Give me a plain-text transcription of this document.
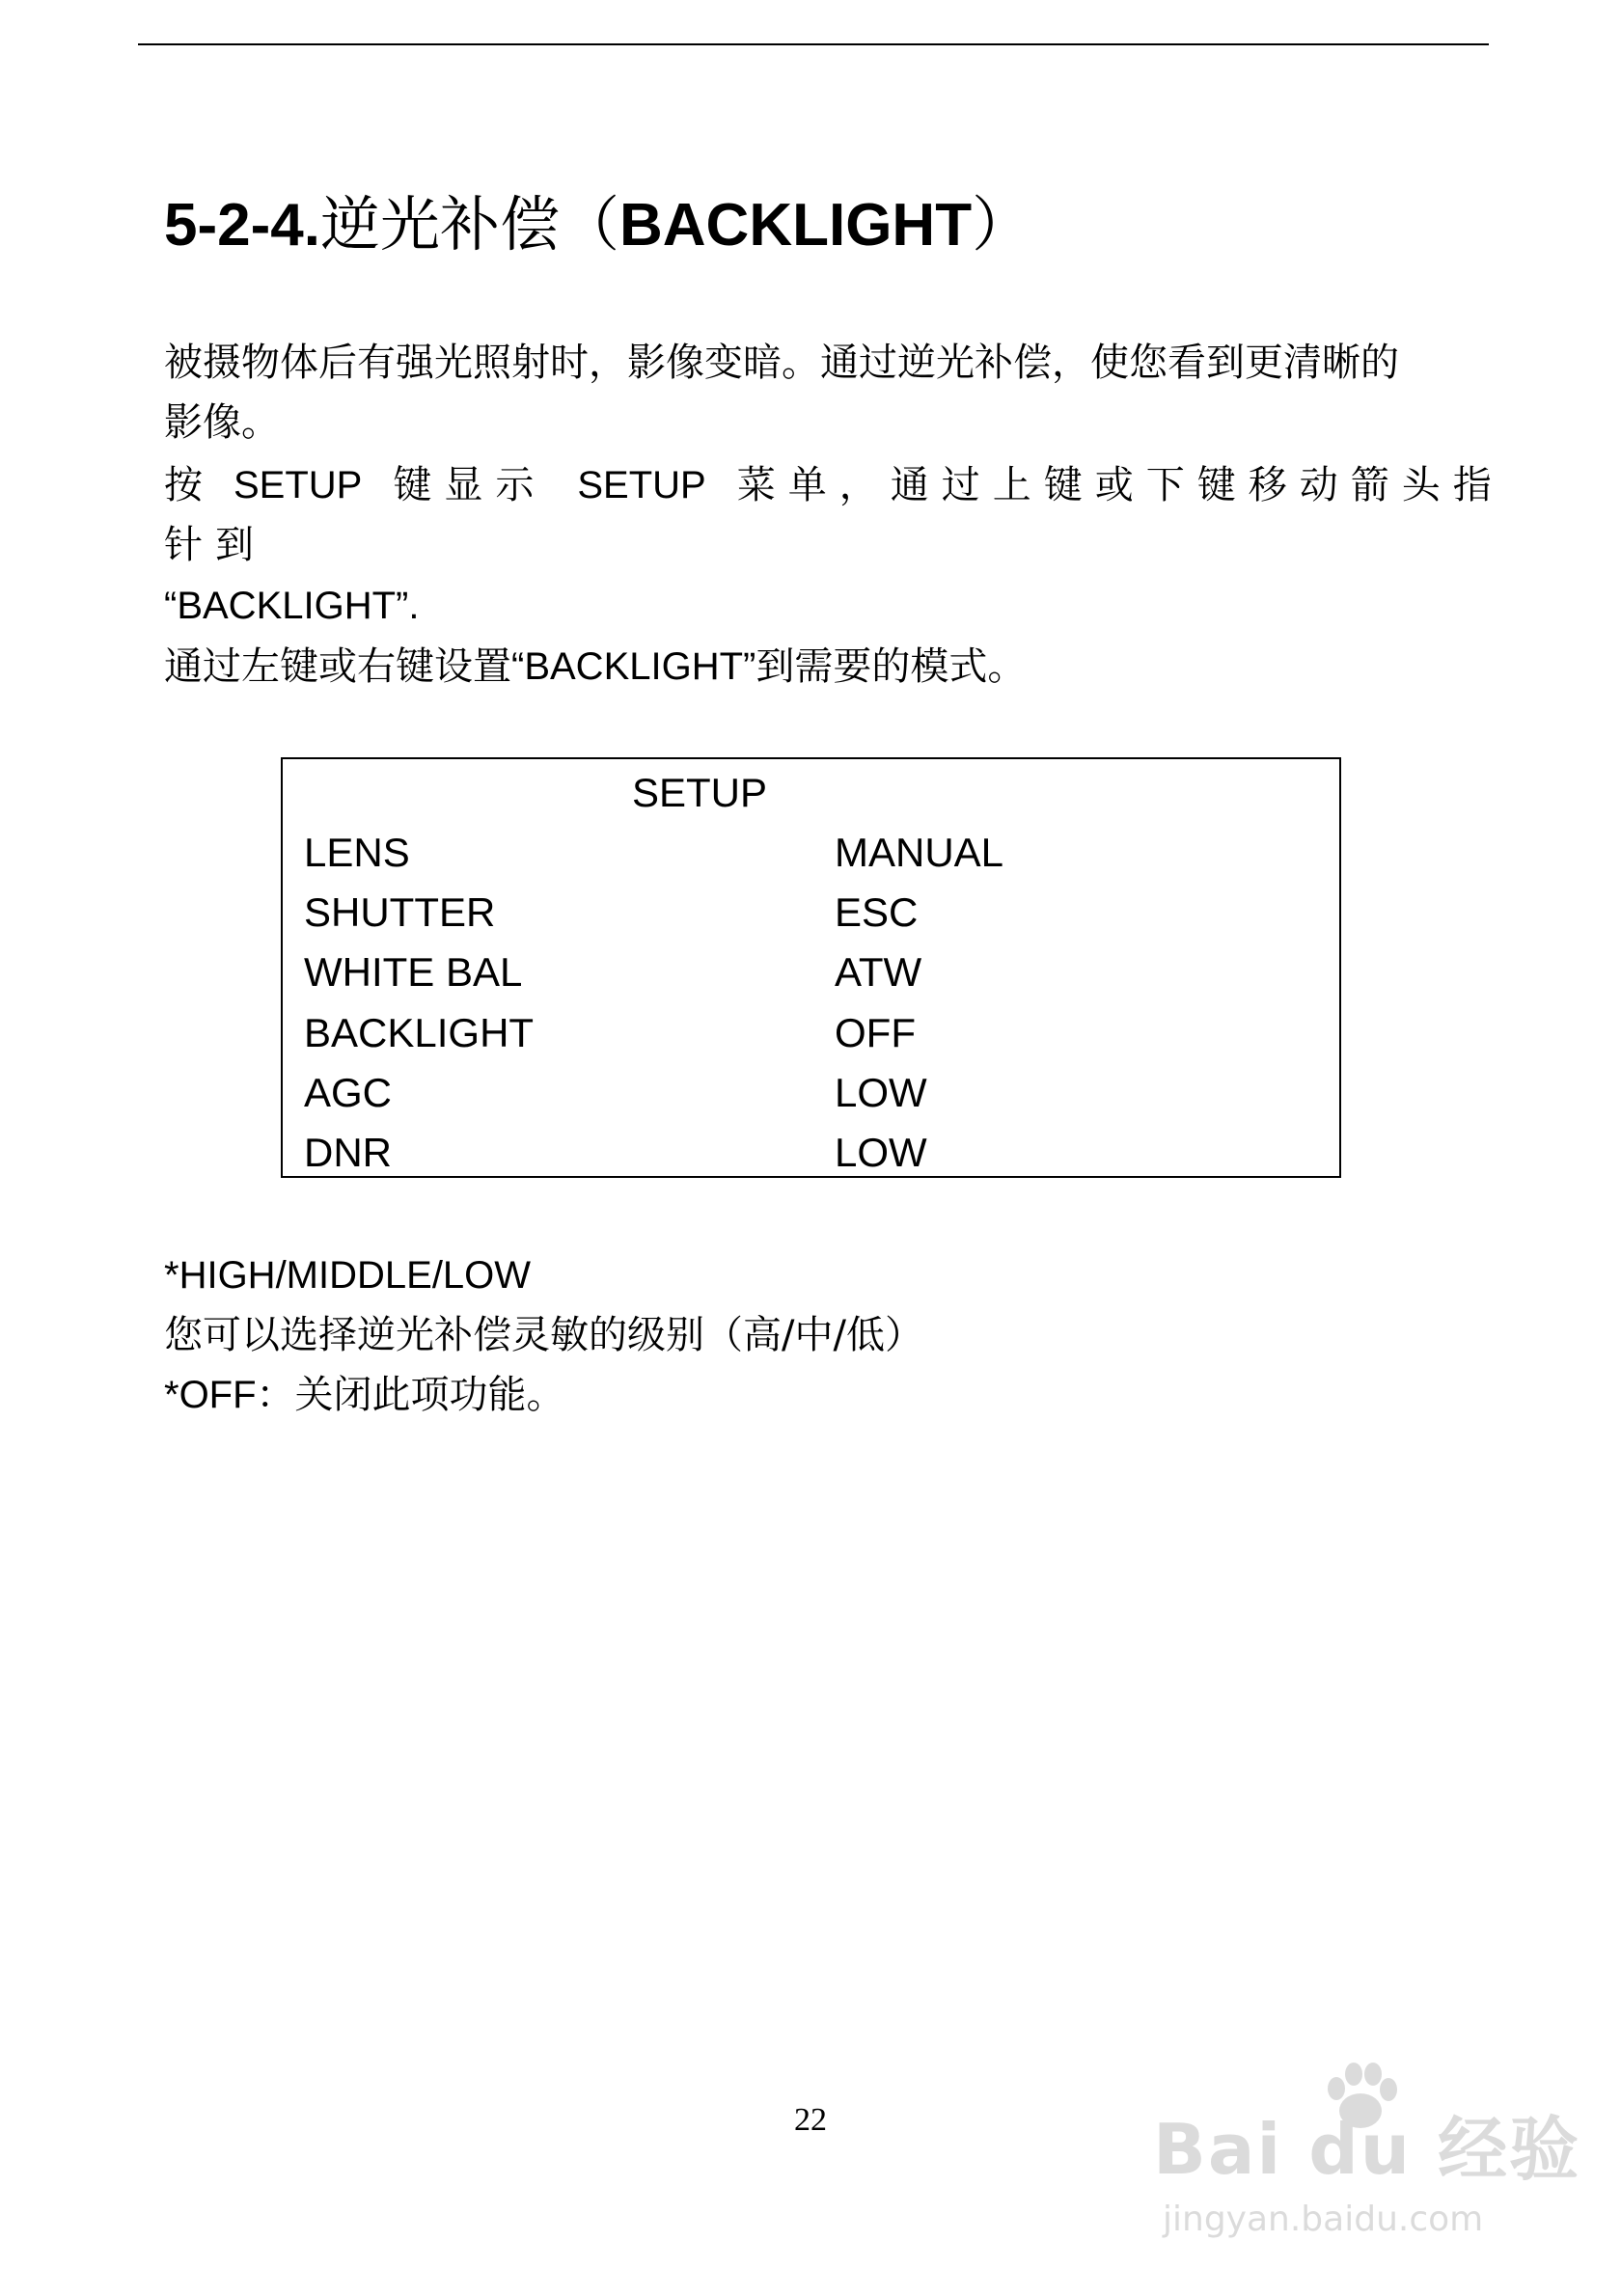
5-2-4.逆光补偿（BACKLIGHT）

被摄物体后有强光照射时，影像变暗。通过逆光补偿，使您看到更清晰的

影像。

按 SETUP 键显示 SETUP 菜单，通过上键或下键移动箭头指

针到

“BACKLIGHT”.

通过左键或右键设置“BACKLIGHT”到需要的模式。

SETUP
LENS	MANUAL
SHUTTER	ESC
WHITE BAL	ATW
BACKLIGHT	OFF
AGC	LOW
DNR	LOW

*HIGH/MIDDLE/LOW

您可以选择逆光补偿灵敏的级别（高/中/低）

*OFF：关闭此项功能。

22	Bai du 经验
jingyan.baidu.com
